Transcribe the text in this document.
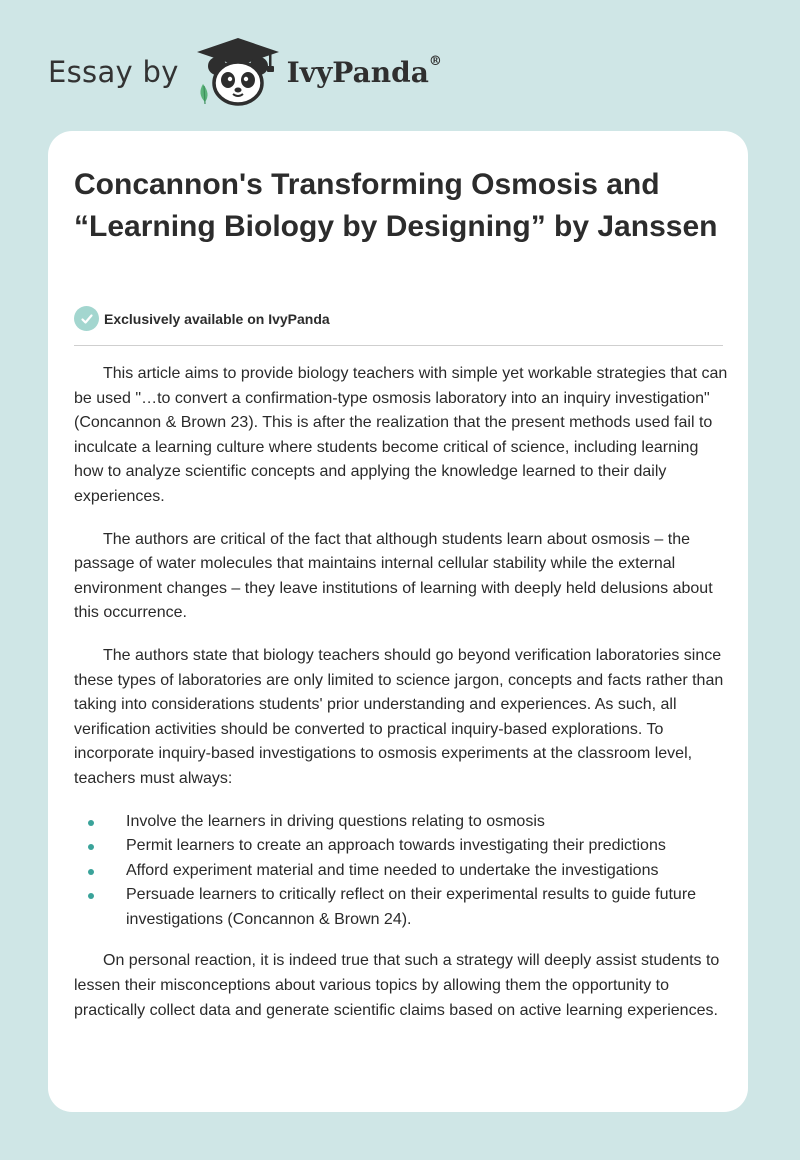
Essay by	IvyPanda®
Concannon's Transforming Osmosis and “Learning Biology by Designing” by Janssen
Exclusively available on IvyPanda

This article aims to provide biology teachers with simple yet workable strategies that can be used "…to convert a confirmation-type osmosis laboratory into an inquiry investigation" (Concannon & Brown 23). This is after the realization that the present methods used fail to inculcate a learning culture where students become critical of science, including learning how to analyze scientific concepts and applying the knowledge learned to their daily experiences.

The authors are critical of the fact that although students learn about osmosis – the passage of water molecules that maintains internal cellular stability while the external environment changes – they leave institutions of learning with deeply held delusions about this occurrence.

The authors state that biology teachers should go beyond verification laboratories since these types of laboratories are only limited to science jargon, concepts and facts rather than taking into considerations students' prior understanding and experiences. As such, all verification activities should be converted to practical inquiry-based explorations. To incorporate inquiry-based investigations to osmosis experiments at the classroom level, teachers must always:

Involve the learners in driving questions relating to osmosis
Permit learners to create an approach towards investigating their predictions
Afford experiment material and time needed to undertake the investigations
Persuade learners to critically reflect on their experimental results to guide future investigations (Concannon & Brown 24).

On personal reaction, it is indeed true that such a strategy will deeply assist students to lessen their misconceptions about various topics by allowing them the opportunity to practically collect data and generate scientific claims based on active learning experiences.
